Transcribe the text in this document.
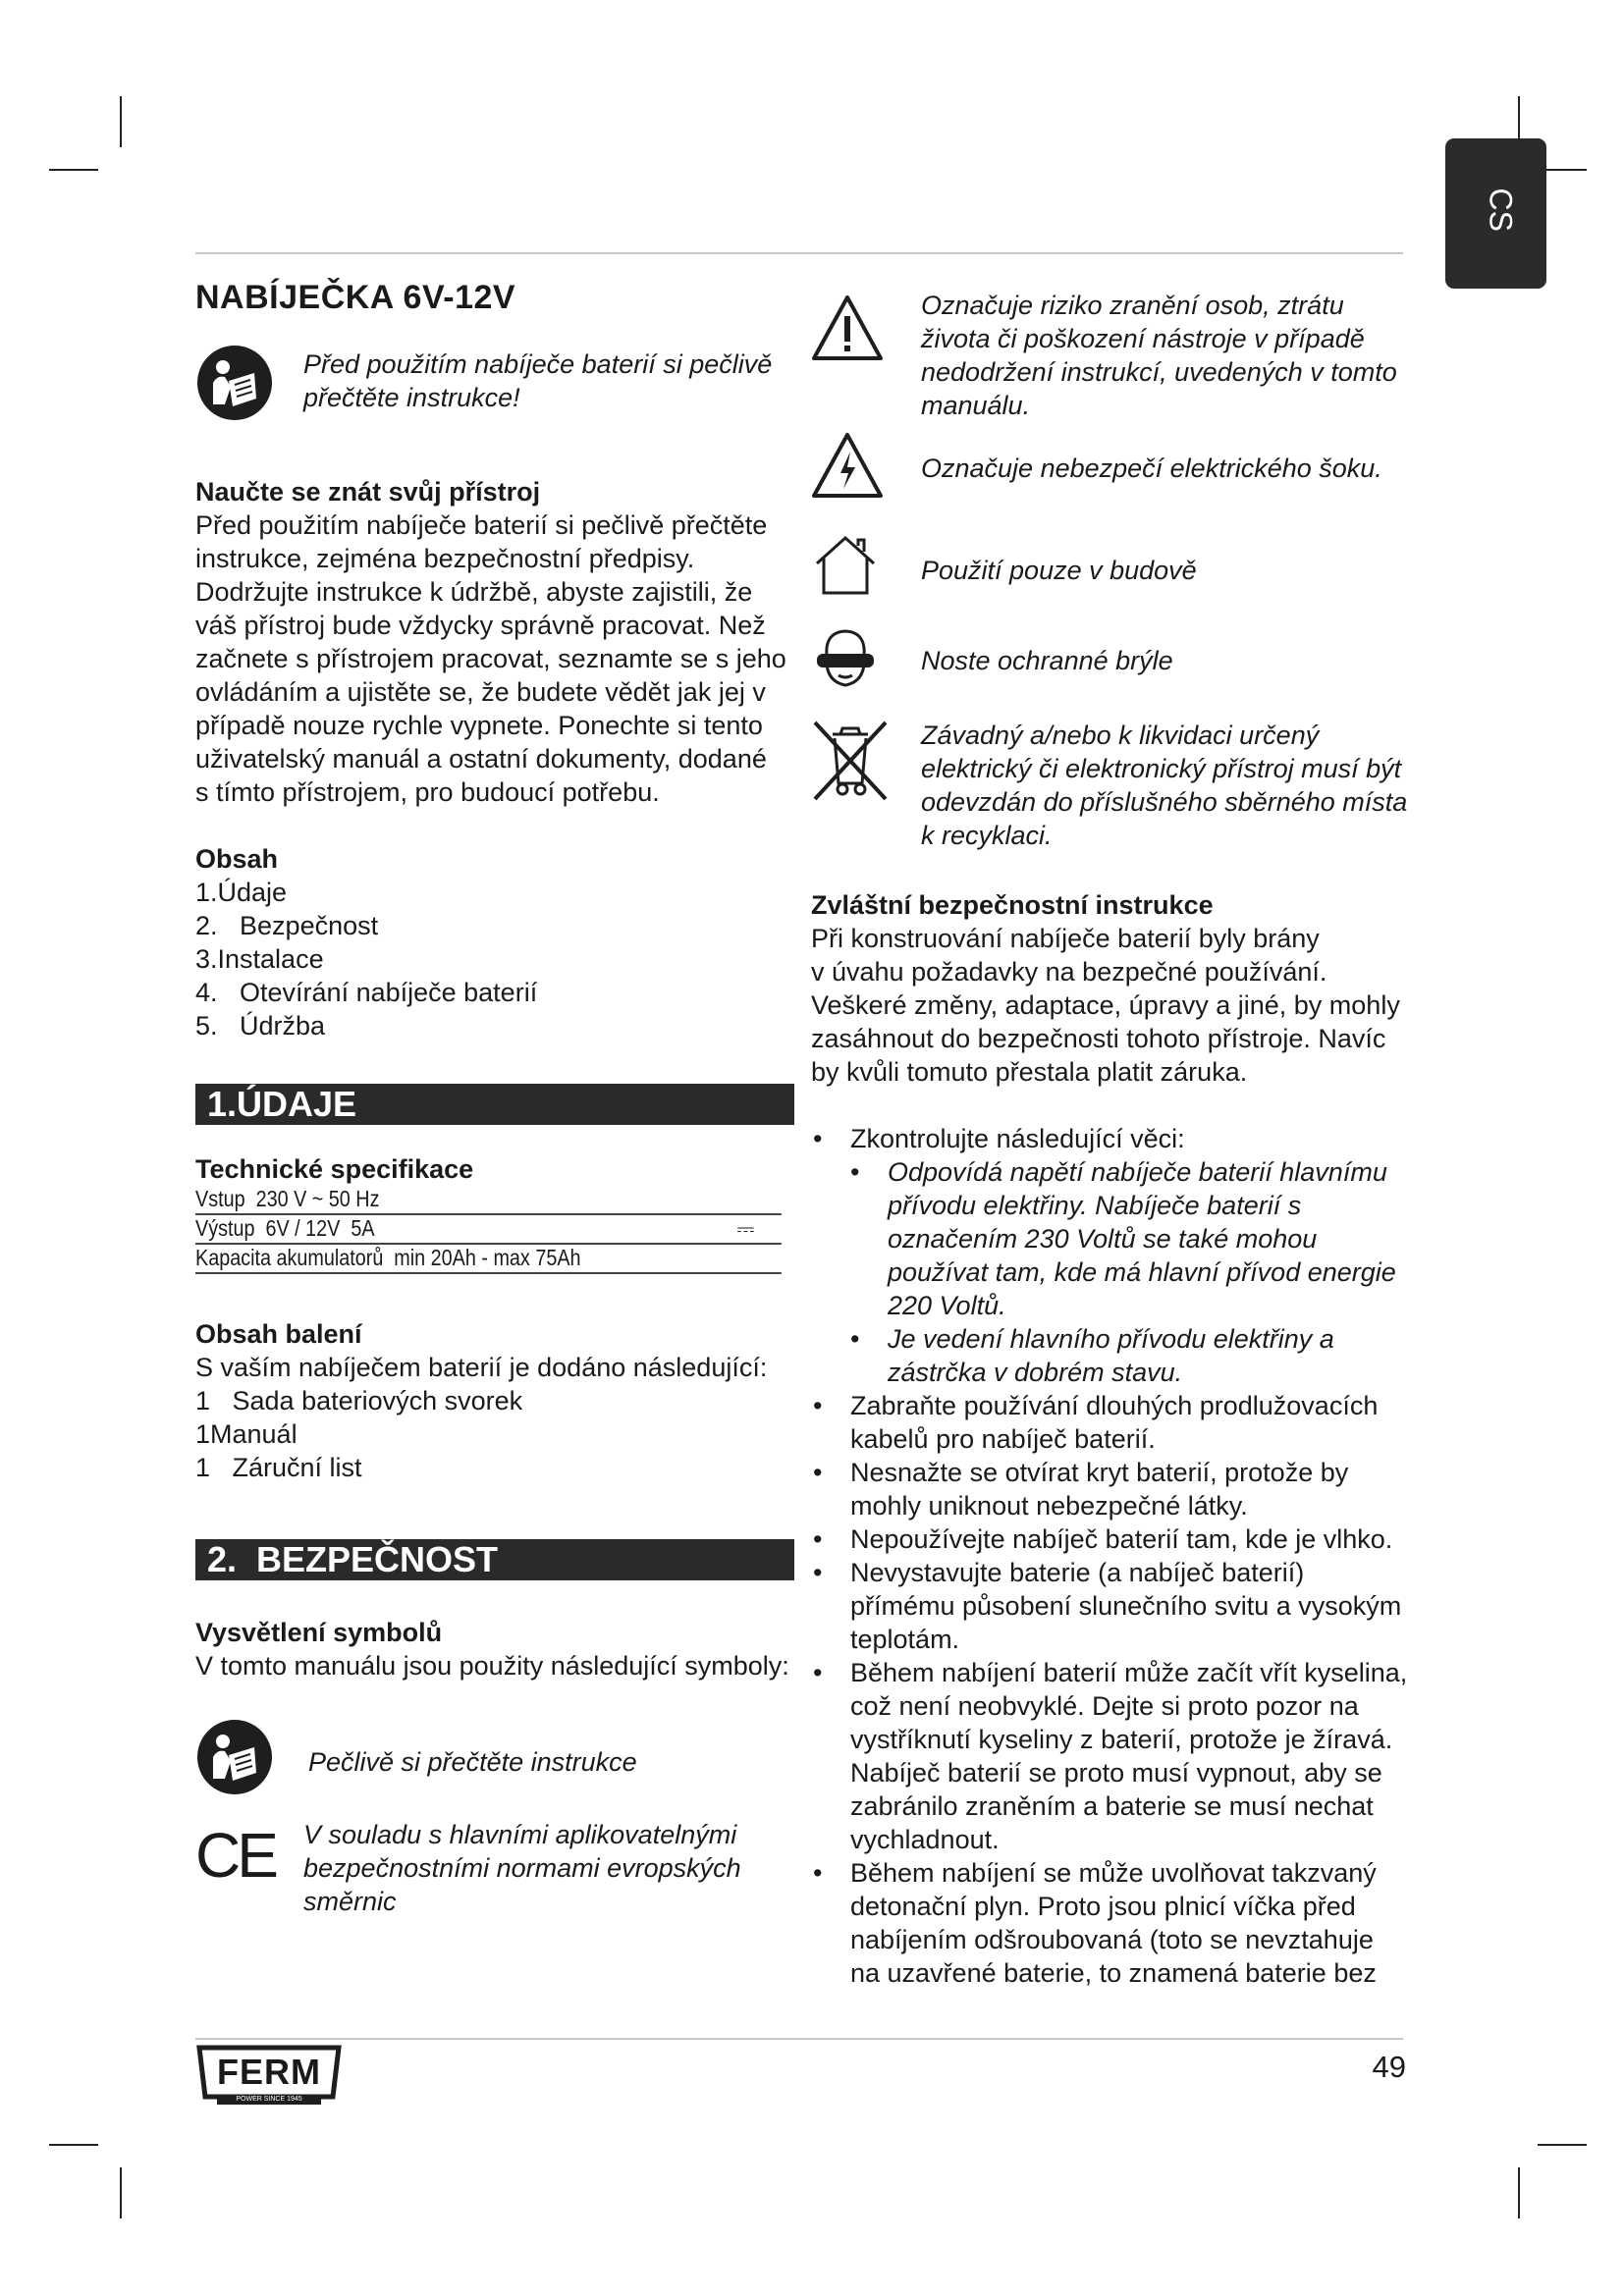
CS
NABÍJEČKA 6V-12V
Před použitím nabíječe baterií si pečlivě přečtěte instrukce!
Naučte se znát svůj přístroj
Před použitím nabíječe baterií si pečlivě přečtěte
instrukce, zejména bezpečnostní předpisy.
Dodržujte instrukce k údržbě, abyste zajistili, že
váš přístroj bude vždycky správně pracovat. Než
začnete s přístrojem pracovat, seznamte se s jeho
ovládáním a ujistěte se, že budete vědět jak jej v
případě nouze rychle vypnete. Ponechte si tento
uživatelský manuál a ostatní dokumenty, dodané
s tímto přístrojem, pro budoucí potřebu.
Obsah
1.Údaje
2.   Bezpečnost
3.Instalace
4.   Otevírání nabíječe baterií
5.   Údržba
1.ÚDAJE
Technické specifikace
Vstup  230 V ~ 50 Hz
Výstup  6V / 12V  5A	⎓
Kapacita akumulatorů  min 20Ah - max 75Ah
Obsah balení
S vaším nabíječem baterií je dodáno následující:
1   Sada bateriových svorek
1Manuál
1   Záruční list
2.  BEZPEČNOST
Vysvětlení symbolů
V tomto manuálu jsou použity následující symboly:
Pečlivě si přečtěte instrukce
CE V souladu s hlavními aplikovatelnými
bezpečnostními normami evropských
směrnic
Označuje riziko zranění osob, ztrátu
života či poškození nástroje v případě
nedodržení instrukcí, uvedených v tomto
manuálu.
Označuje nebezpečí elektrického šoku.
Použití pouze v budově
Noste ochranné brýle
Závadný a/nebo k likvidaci určený
elektrický či elektronický přístroj musí být
odevzdán do příslušného sběrného místa
k recyklaci.
Zvláštní bezpečnostní instrukce
Při konstruování nabíječe baterií byly brány
v úvahu požadavky na bezpečné používání.
Veškeré změny, adaptace, úpravy a jiné, by mohly
zasáhnout do bezpečnosti tohoto přístroje. Navíc
by kvůli tomuto přestala platit záruka.
• Zkontrolujte následující věci:
• Odpovídá napětí nabíječe baterií hlavnímu
přívodu elektřiny. Nabíječe baterií s
označením 230 Voltů se také mohou
používat tam, kde má hlavní přívod energie
220 Voltů.
• Je vedení hlavního přívodu elektřiny a
zástrčka v dobrém stavu.
• Zabraňte používání dlouhých prodlužovacích
kabelů pro nabíječ baterií.
• Nesnažte se otvírat kryt baterií, protože by
mohly uniknout nebezpečné látky.
• Nepoužívejte nabíječ baterií tam, kde je vlhko.
• Nevystavujte baterie (a nabíječ baterií)
přímému působení slunečního svitu a vysokým
teplotám.
• Během nabíjení baterií může začít vřít kyselina,
což není neobvyklé. Dejte si proto pozor na
vystříknutí kyseliny z baterií, protože je žíravá.
Nabíječ baterií se proto musí vypnout, aby se
zabránilo zraněním a baterie se musí nechat
vychladnout.
• Během nabíjení se může uvolňovat takzvaný
detonační plyn. Proto jsou plnicí víčka před
nabíjením odšroubovaná (toto se nevztahuje
na uzavřené baterie, to znamená baterie bez
FERM
POWER SINCE 1945
49
